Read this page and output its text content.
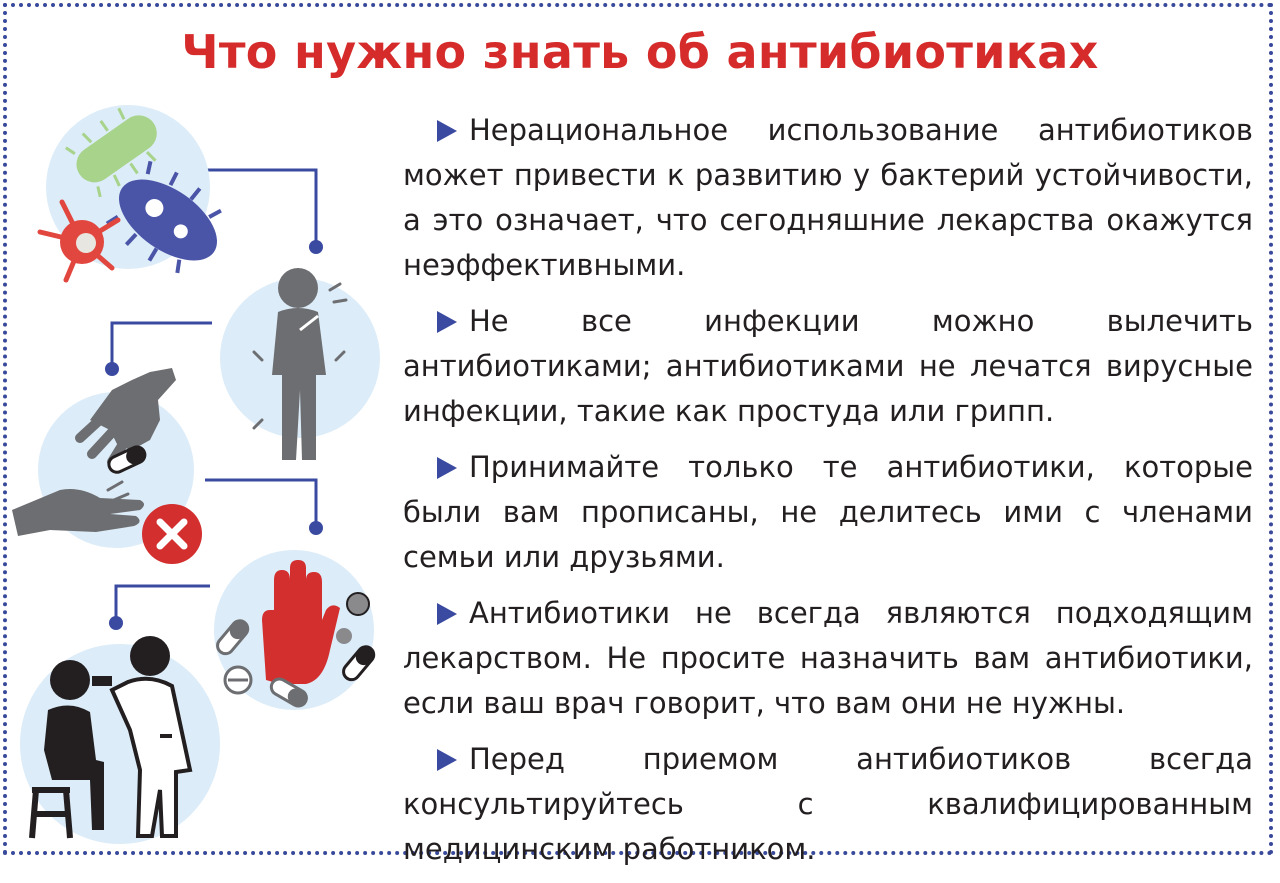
Что нужно знать об антибиотиках

Нерациональное использование антибиотиков может привести к развитию у бактерий устойчивости, а это означает, что сегодняшние лекарства окажутся неэффективными.

Не все инфекции можно вылечить антибиотиками; антибиотиками не лечатся вирусные инфекции, такие как простуда или грипп.

Принимайте только те антибиотики, которые были вам прописаны, не делитесь ими с членами семьи или друзьями.

Антибиотики не всегда являются подходящим лекарством. Не просите назначить вам антибиотики, если ваш врач говорит, что вам они не нужны.

Перед приемом антибиотиков всегда консультируйтесь с квалифицированным медицинским работником.
